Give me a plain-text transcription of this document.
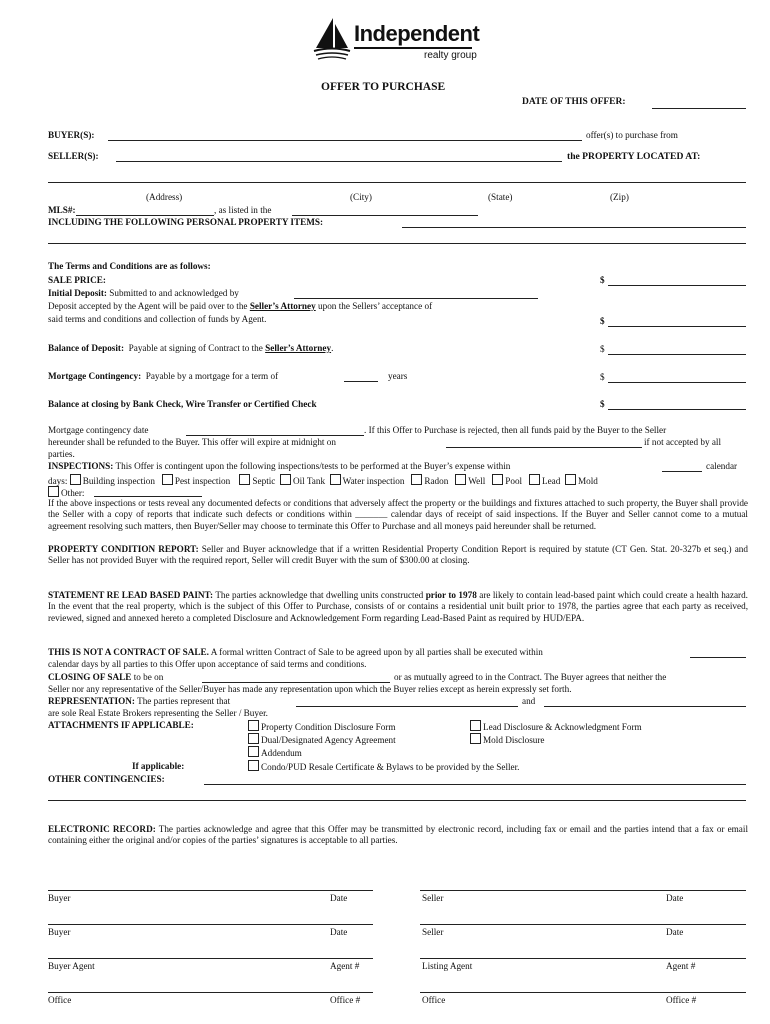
Independent
realty group
OFFER TO PURCHASE
DATE OF THIS OFFER:
BUYER(S):	offer(s) to purchase from
SELLER(S):	the PROPERTY LOCATED AT:
(Address)	(City)	(State)	(Zip)
MLS#:	, as listed in the
INCLUDING THE FOLLOWING PERSONAL PROPERTY ITEMS:
The Terms and Conditions are as follows:
SALE PRICE:	$
Initial Deposit: Submitted to and acknowledged by
Deposit accepted by the Agent will be paid over to the Seller’s Attorney upon the Sellers’ acceptance of
said terms and conditions and collection of funds by Agent.	$
Balance of Deposit: Payable at signing of Contract to the Seller’s Attorney.	$
Mortgage Contingency: Payable by a mortgage for a term of	years	$
Balance at closing by Bank Check, Wire Transfer or Certified Check	$
Mortgage contingency date	. If this Offer to Purchase is rejected, then all funds paid by the Buyer to the Seller
hereunder shall be refunded to the Buyer. This offer will expire at midnight on	if not accepted by all
parties.
INSPECTIONS: This Offer is contingent upon the following inspections/tests to be performed at the Buyer’s expense within	calendar
days: Building inspection Pest inspection Septic Oil Tank Water inspection Radon Well Pool Lead Mold
Other:
If the above inspections or tests reveal any documented defects or conditions that adversely affect the property or the buildings and fixtures attached to such property, the Buyer shall provide the Seller with a copy of reports that indicate such defects or conditions within _______ calendar days of receipt of said inspections. If the Buyer and Seller cannot come to a mutual agreement resolving such matters, then Buyer/Seller may choose to terminate this Offer to Purchase and all moneys paid hereunder shall be returned.
PROPERTY CONDITION REPORT: Seller and Buyer acknowledge that if a written Residential Property Condition Report is required by statute (CT Gen. Stat. 20-327b et seq.) and Seller has not provided Buyer with the required report, Seller will credit Buyer with the sum of $300.00 at closing.
STATEMENT RE LEAD BASED PAINT: The parties acknowledge that dwelling units constructed prior to 1978 are likely to contain lead-based paint which could create a health hazard. In the event that the real property, which is the subject of this Offer to Purchase, consists of or contains a residential unit built prior to 1978, the parties agree that each party as received, reviewed, signed and annexed hereto a completed Disclosure and Acknowledgement Form regarding Lead-Based Paint as required by HUD/EPA.
THIS IS NOT A CONTRACT OF SALE. A formal written Contract of Sale to be agreed upon by all parties shall be executed within
calendar days by all parties to this Offer upon acceptance of said terms and conditions.
CLOSING OF SALE to be on	or as mutually agreed to in the Contract. The Buyer agrees that neither the
Seller nor any representative of the Seller/Buyer has made any representation upon which the Buyer relies except as herein expressly set forth.
REPRESENTATION: The parties represent that	and
are sole Real Estate Brokers representing the Seller / Buyer.
ATTACHMENTS IF APPLICABLE:	Property Condition Disclosure Form
Dual/Designated Agency Agreement
Addendum
Lead Disclosure & Acknowledgment Form
Mold Disclosure
If applicable:	Condo/PUD Resale Certificate & Bylaws to be provided by the Seller.
OTHER CONTINGENCIES:
ELECTRONIC RECORD: The parties acknowledge and agree that this Offer may be transmitted by electronic record, including fax or email and the parties intend that a fax or email containing either the original and/or copies of the parties’ signatures is acceptable to all parties.
Buyer	Date	Seller	Date
Buyer	Date	Seller	Date
Buyer Agent	Agent #	Listing Agent	Agent #
Office	Office #	Office	Office #
